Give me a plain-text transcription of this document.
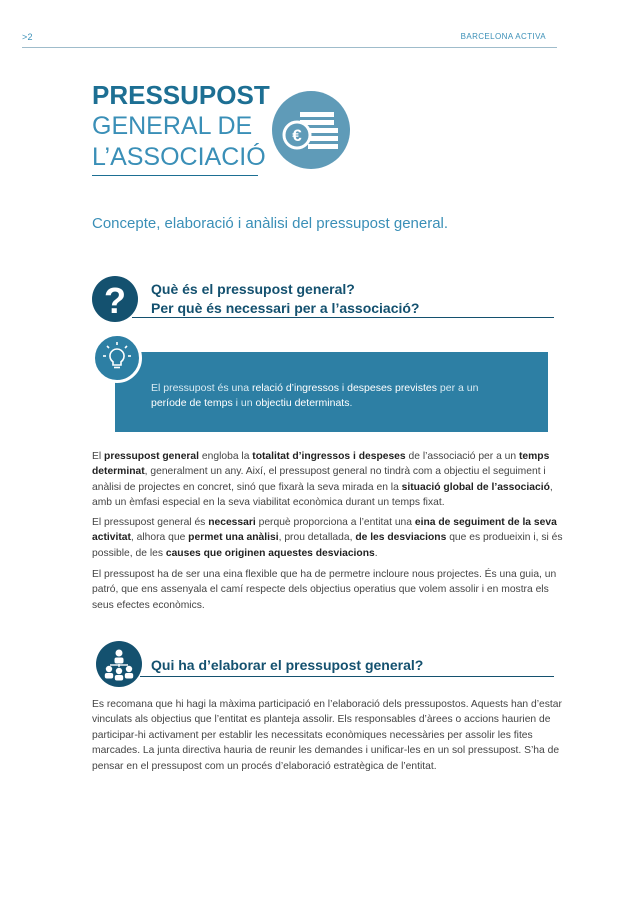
>2	BARCELONA ACTIVA
PRESSUPOST
GENERAL DE
L’ASSOCIACIÓ
€
Concepte, elaboració i anàlisi del pressupost general.
? Què és el pressupost general?
Per què és necessari per a l’associació?
El pressupost és una relació d’ingressos i despeses previstes per a un període de temps i un objectiu determinats.
El pressupost general engloba la totalitat d’ingressos i despeses de l’associació per a un temps determinat, generalment un any. Així, el pressupost general no tindrà com a objectiu el seguiment i anàlisi de projectes en concret, sinó que fixarà la seva mirada en la situació global de l’associació, amb un èmfasi especial en la seva viabilitat econòmica durant un temps fixat.
El pressupost general és necessari perquè proporciona a l’entitat una eina de seguiment de la seva activitat, alhora que permet una anàlisi, prou detallada, de les desviacions que es produeixin i, si és possible, de les causes que originen aquestes desviacions.
El pressupost ha de ser una eina flexible que ha de permetre incloure nous projectes. És una guia, un patró, que ens assenyala el camí respecte dels objectius operatius que volem assolir i en mostra els seus efectes econòmics.
Qui ha d’elaborar el pressupost general?
Es recomana que hi hagi la màxima participació en l’elaboració dels pressupostos. Aquests han d’estar vinculats als objectius que l’entitat es planteja assolir. Els responsables d’àrees o accions haurien de participar-hi activament per establir les necessitats econòmiques necessàries per assolir les fites marcades. La junta directiva hauria de reunir les demandes i unificar-les en un sol pressupost. S’ha de pensar en el pressupost com un procés d’elaboració estratègica de l’entitat.
